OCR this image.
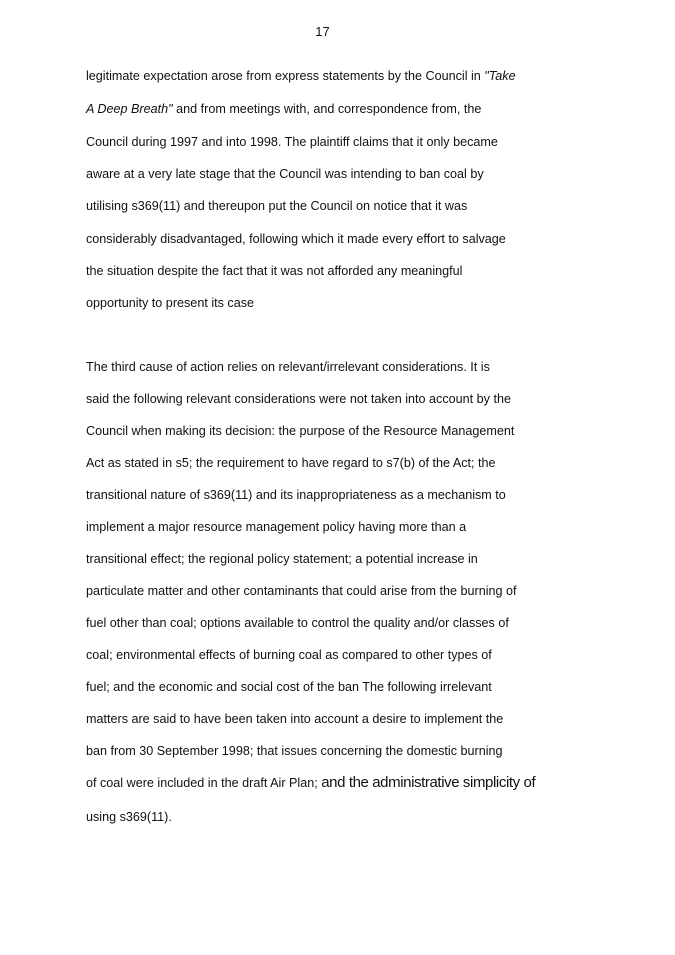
17
legitimate expectation arose from express statements by the Council in "Take
A Deep Breath" and from meetings with, and correspondence from, the
Council during 1997 and into 1998. The plaintiff claims that it only became
aware at a very late stage that the Council was intending to ban coal by
utilising s369(11) and thereupon put the Council on notice that it was
considerably disadvantaged, following which it made every effort to salvage
the situation despite the fact that it was not afforded any meaningful
opportunity to present its case
The third cause of action relies on relevant/irrelevant considerations. It is
said the following relevant considerations were not taken into account by the
Council when making its decision: the purpose of the Resource Management
Act as stated in s5; the requirement to have regard to s7(b) of the Act; the
transitional nature of s369(11) and its inappropriateness as a mechanism to
implement a major resource management policy having more than a
transitional effect; the regional policy statement; a potential increase in
particulate matter and other contaminants that could arise from the burning of
fuel other than coal; options available to control the quality and/or classes of
coal; environmental effects of burning coal as compared to other types of
fuel; and the economic and social cost of the ban The following irrelevant
matters are said to have been taken into account a desire to implement the
ban from 30 September 1998; that issues concerning the domestic burning
of coal were included in the draft Air Plan; and the administrative simplicity of
using s369(11).
